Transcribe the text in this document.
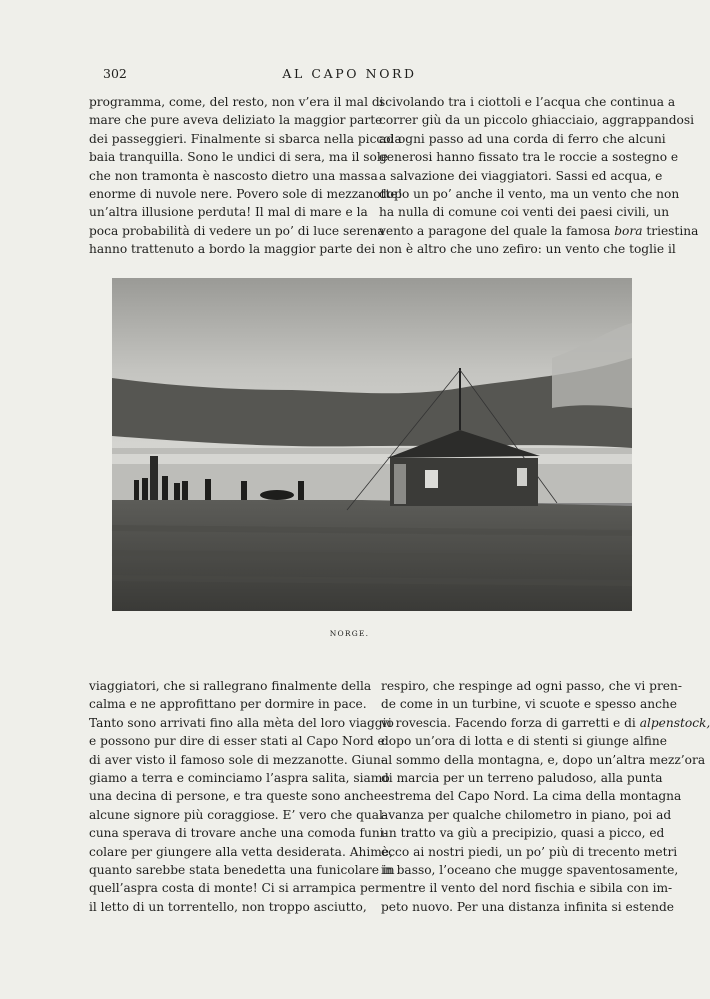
302	AL CAPO NORD
programma, come, del resto, non v’era il mal di
mare che pure aveva deliziato la maggior parte
dei passeggieri. Finalmente si sbarca nella piccola
baia tranquilla. Sono le undici di sera, ma il sole
che non tramonta è nascosto dietro una massa
enorme di nuvole nere. Povero sole di mezzanotte!
un’altra illusione perduta! Il mal di mare e la
poca probabilità di vedere un po’ di luce serena
hanno trattenuto a bordo la maggior parte dei
scivolando tra i ciottoli e l’acqua che continua a
correr giù da un piccolo ghiacciaio, aggrappandosi
ad ogni passo ad una corda di ferro che alcuni
generosi hanno fissato tra le roccie a sostegno e
a salvazione dei viaggiatori. Sassi ed acqua, e
dopo un po’ anche il vento, ma un vento che non
ha nulla di comune coi venti dei paesi civili, un
vento a paragone del quale la famosa bora triestina
non è altro che uno zefiro: un vento che toglie il
NORGE.
viaggiatori, che si rallegrano finalmente della
calma e ne approfittano per dormire in pace.
Tanto sono arrivati fino alla mèta del loro viaggio
e possono pur dire di esser stati al Capo Nord e
di aver visto il famoso sole di mezzanotte. Giun-
giamo a terra e cominciamo l’aspra salita, siamo
una decina di persone, e tra queste sono anche
alcune signore più coraggiose. E’ vero che qual-
cuna sperava di trovare anche una comoda funi-
colare per giungere alla vetta desiderata. Ahimè,
quanto sarebbe stata benedetta una funicolare in
quell’aspra costa di monte! Ci si arrampica per
il letto di un torrentello, non troppo asciutto,
respiro, che respinge ad ogni passo, che vi pren-
de come in un turbine, vi scuote e spesso anche
vi rovescia. Facendo forza di garretti e di alpenstock,
dopo un’ora di lotta e di stenti si giunge alfine
al sommo della montagna, e, dopo un’altra mezz’ora
di marcia per un terreno paludoso, alla punta
estrema del Capo Nord. La cima della montagna
avanza per qualche chilometro in piano, poi ad
un tratto va giù a precipizio, quasi a picco, ed
ecco ai nostri piedi, un po’ più di trecento metri
in basso, l’oceano che mugge spaventosamente,
mentre il vento del nord fischia e sibila con im-
peto nuovo. Per una distanza infinita si estende
